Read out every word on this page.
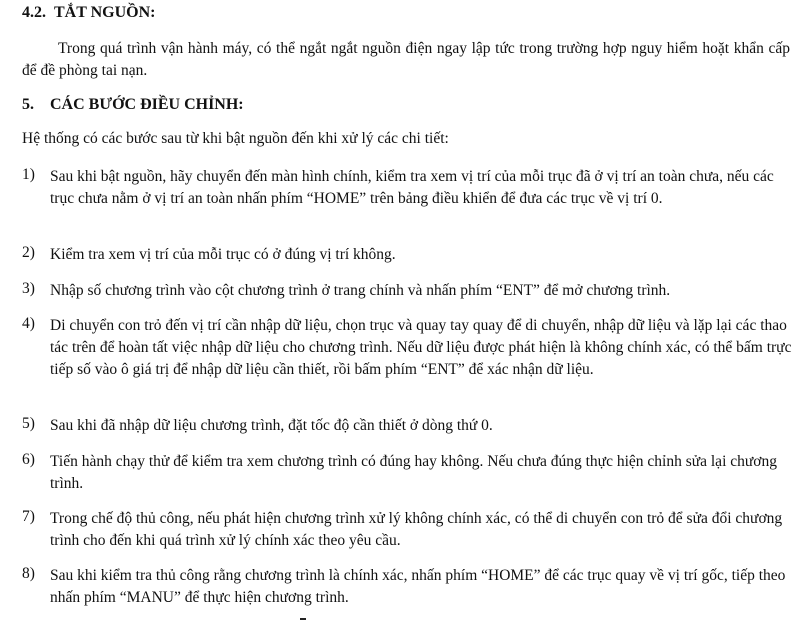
4.2. TẮT NGUỒN:
Trong quá trình vận hành máy, có thể ngắt ngắt nguồn điện ngay lập tức trong trường hợp nguy hiểm hoặt khẩn cấp để đề phòng tai nạn.
5. CÁC BƯỚC ĐIỀU CHỈNH:
Hệ thống có các bước sau từ khi bật nguồn đến khi xử lý các chi tiết:
1) Sau khi bật nguồn, hãy chuyển đến màn hình chính, kiểm tra xem vị trí của mỗi trục đã ở vị trí an toàn chưa, nếu các trục chưa nằm ở vị trí an toàn nhấn phím “HOME” trên bảng điều khiển để đưa các trục về vị trí 0.
2) Kiểm tra xem vị trí của mỗi trục có ở đúng vị trí không.
3) Nhập số chương trình vào cột chương trình ở trang chính và nhấn phím “ENT” để mở chương trình.
4) Di chuyển con trỏ đến vị trí cần nhập dữ liệu, chọn trục và quay tay quay để di chuyển, nhập dữ liệu và lặp lại các thao tác trên để hoàn tất việc nhập dữ liệu cho chương trình. Nếu dữ liệu được phát hiện là không chính xác, có thể bấm trực tiếp số vào ô giá trị để nhập dữ liệu cần thiết, rồi bấm phím “ENT” để xác nhận dữ liệu.
5) Sau khi đã nhập dữ liệu chương trình, đặt tốc độ cần thiết ở dòng thứ 0.
6) Tiến hành chạy thử để kiểm tra xem chương trình có đúng hay không. Nếu chưa đúng thực hiện chỉnh sửa lại chương trình.
7) Trong chế độ thủ công, nếu phát hiện chương trình xử lý không chính xác, có thể di chuyển con trỏ để sửa đổi chương trình cho đến khi quá trình xử lý chính xác theo yêu cầu.
8) Sau khi kiểm tra thủ công rằng chương trình là chính xác, nhấn phím “HOME” để các trục quay về vị trí gốc, tiếp theo nhấn phím “MANU” để thực hiện chương trình.
